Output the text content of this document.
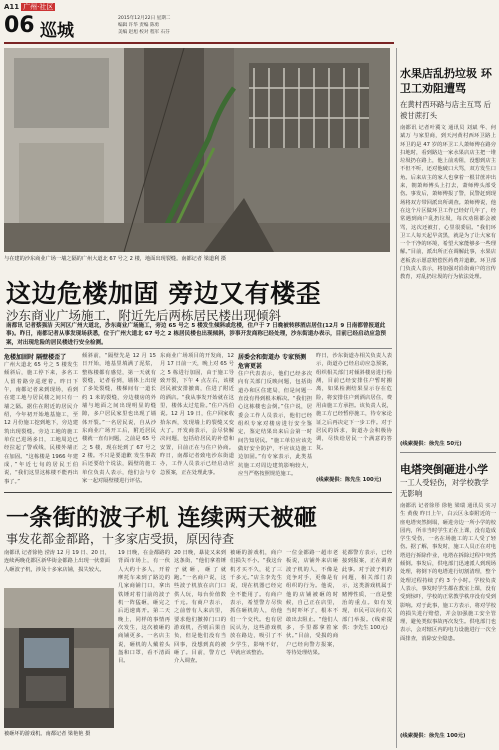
A11 广州·社区
06 巡城
2015年12月22日 星期二
编辑 许华 责编 陈勇
美编 赵旭 校对 程军 石芬
与在建的沙东商业广场一墙之隔的广州大道北 67 号之 2 楼，地面出现裂缝。南都记者 梁道利 摄
这边危楼加固 旁边又有楼歪
沙东商业广场施工，附近先后两栋居民楼出现倾斜
南都讯 记者蔡强洁 天河区广州大道北，沙东商业广场施工，旁边 65 号之 5 楼发生倾斜或危楼，住户于 7 日晚被转移酒店居住(12月 9 日南都曾报道此事)。昨日，南都记者从事发现场获悉，位于广州大道北 67 号之 2 栋居民楼也出现倾斜，涉事开发商称已经处理，沙东街道办表示，目前已经启动应急预案，对出现危险的居民楼进行安全检测。
危楼加固时 隔壁楼歪了
广州大道北 65 号之 5 楼发生倾斜后，施工停下来，多名工人留着路旁巡逻着。昨日下午，南都记者来到现场，看到在建工地与居民楼之间只有一墙之隔。据住在附近的居民介绍，今年初开始地基施工，至 12 月份施工挖到地下，旁边建筑出现裂缝。旁边工地的施工单位已进场多日，工地周边已经拉起了警戒线，民楼外墙正在加固。“这栋楼是 1966 年建成，”年近七旬的居民王伯说，“我们这里这栋楼不能再出事了。”
倾斜前，“隔壁先是 12 月 15 日开始，地基里填满了泥浆，整栋楼都有感觉，第一天就有裂缝，记者看到，墙体上出现了多处裂缝，楼梯间有一道长约 1 米的裂缝，旁边楼房的外墙与地面之间出现明显的缝隙，多户居民家里也出现了墙体开裂。”一名居民说，自从沙东商业广场开工后，附近居民楼就一直有问题，之前是 65 号之 5 楼，现在轮到了 67 号之 2 楼。不只是要道歉 发生事故后还要给个说法，隔壁的施工单位负责人表示，他们会与专家一起对隔壁楼进行评估。
东商业广场项目的开发商，12 月 17 日前一天，晚上对 65 号之 5 栋进行加固，由于施工导致开裂，下午 4 点左右，该楼居民被安排撤离，住进了附近的酒店。“我从事发开始就在这里，楼体太过危险。”住户冯伯说。12 月 19 日，住户回家收拾东西，发现墙上的裂缝又变大了。开发商表示，会尽快解决问题，包括给居民的补偿和安置，目前正在与住户协商。昨日，南都记者致电沙东街道办，工作人员表示已经启动应急预案，正在处理此事。
居委会和街道办 专家预测危害更甚
住户代表表示，他们已经多次向有关部门反映问题，包括街道办和区住建局，但是问题一直没有得到根本解决。“我们担心这栋楼也会倒。”住户说，居委会工作人员表示，他们已经组织专家对楼房进行安全鉴定，鉴定结果出来后会第一时间告知居民。“施工单位应该先做好安全防护，不应该边施工边加固。”有专家表示，此类基坑施工对周边建筑影响较大，应当严格按照规范施工。
昨日，沙东街道办相关负责人表示，街道办已经启动应急预案，组织相关部门对倾斜楼房进行检测，目前已经安排住户暂时搬离，如果检测结果显示存在危险，将安排住户到酒店居住，费用由施工方承担。该负责人说，施工方已经暂停施工，待专家论证之后再决定下一步工作。对于居民的诉求，街道办会积极协调，尽快给居民一个满意的答复。
(线索提供：陈先生 100元)
一条街的波子机 连续两天被砸
事发花都金都路，十多家店受损，原因待查
南都讯 记者徐艳 滢涛 12 月 19 日、20 日，连续两晚花都区新华街金都路上出现一伙蒙面人砸波子机，涉及十多家店铺，损失较大。
被砸坏的游戏机。南都记者 梁艳艳 摄
19 日晚，在金都路的背面市场上，有一伙人大约十多人，开着摩托车来到了路边的几家商铺门口，拿出铁锤对着门前的波子机一阵猛砸，砸完之后迅速离开。第二天晚上，同样的事情再次发生，这次被砸的商铺更多。一名店主说，砸机的人戴着头盔和口罩，看不清面目。
20 日晚，暴徒又来到这条街，“他们拿着锤子就砸，砸了就跑。”一名商户说，这些波子机放在店门口供人玩，每台价值数千元。有商户表示，之前曾有人来店里，要求他们撤掉门口的游戏机，否则后果自负，但是他们没有当回事，没想到真的被砸了。目前，警方已介入调查。
被砸的游戏机，商户们损失不小。“我这台机才买不久，花了三千多元。”店主李先生说，现在机器已经完全不能用了。有商户表示，希望警方尽快抓住砸机的人，给他们一个交代。也有居民认为，这些游戏机放在路边，吸引了不少学生，影响不好，早就应该整治。
一位金都路一超市老板说，店铺外来店砸波子机的人，不像是竞争对手，更像是有组织的行为。他说，他的店铺被砸的时候，自己正在店里，当时吓坏了，根本不敢出去阻止。“他们人多，手里都拿着家伙。”目前，受损的商户已经向警方报案，等待处理结果。
花都警方表示，已经接到报案，正在调查此事。对于波子机的问题，相关部门表示，这类游戏机属于赌博性质，一直是整治的重点。如有发现，市民可以向有关部门举报。(线索提供：李先生 100元)
水果店乱扔垃圾 环卫工劝阻遭骂
在黄村西环路与店主互骂 后被甘蔗打头
南都讯 记者叶冀文 通讯员 刘斌 华、何斌万 与家里商，到天河黄村西环卫路上环卫的是 47 岁的环卫工人萧师傅在路旁扫地时，看到路边一家水果店店主把一堆垃圾扔在路上，他上前劝阻，没想到店主不但不听，还对他破口大骂，双方发生口角。后来店主的家人也拿着一根甘蔗冲出来，朝萧师傅头上打去，萧师傅头部受伤。事发后，萧师傅报了警，民警赶到现场将双方带回派出所调查。萧师傅说，他在这个片区做环卫工作已经好几年了，经常遇到商户乱扔垃圾，每次劝阻都会被骂，这次还被打，心里很委屈。“我们环卫工人每天起早贪黑，就是为了让大家有一个干净的环境，希望大家能够多一些理解。”目前，派出所正在调解此事，水果店老板表示愿意赔偿医药费并道歉。环卫部门负责人表示，将加强对沿街商户的宣传教育，对乱扔垃圾的行为依法处理。
(线索提供：徐先生 50元)
电塔突倒砸进小学
一工人受轻伤，对学校教学无影响
南都讯 记者徐彤 徐艳 梁瑞 通讯员 实习生 黄俊 昨日上午，白云区永泰附近的一座电塔突然倒塌，砸进旁边一所小学的校园内，所幸当时学生正在上课，没有造成学生受伤，一名在场施工的工人受了轻伤。据了解，事发时，施工人员正在对电塔进行拆除作业，电塔在拆除过程中突然倾倒。事发后，供电部门迅速派人到现场处理，将倒下的电塔进行切割清理，整个处理过程持续了约 3 个小时。学校负责人表示，事发时学生都在教室上课，没有受到惊吓，学校的正常教学秩序没有受到影响。对于此事，施工方表示，将对学校的损失进行赔偿，并会加强施工安全管理，避免类似事故再次发生。供电部门也表示，会对辖区内的电力设施进行一次全面排查，消除安全隐患。
(线索提供：徐先生 100元)
